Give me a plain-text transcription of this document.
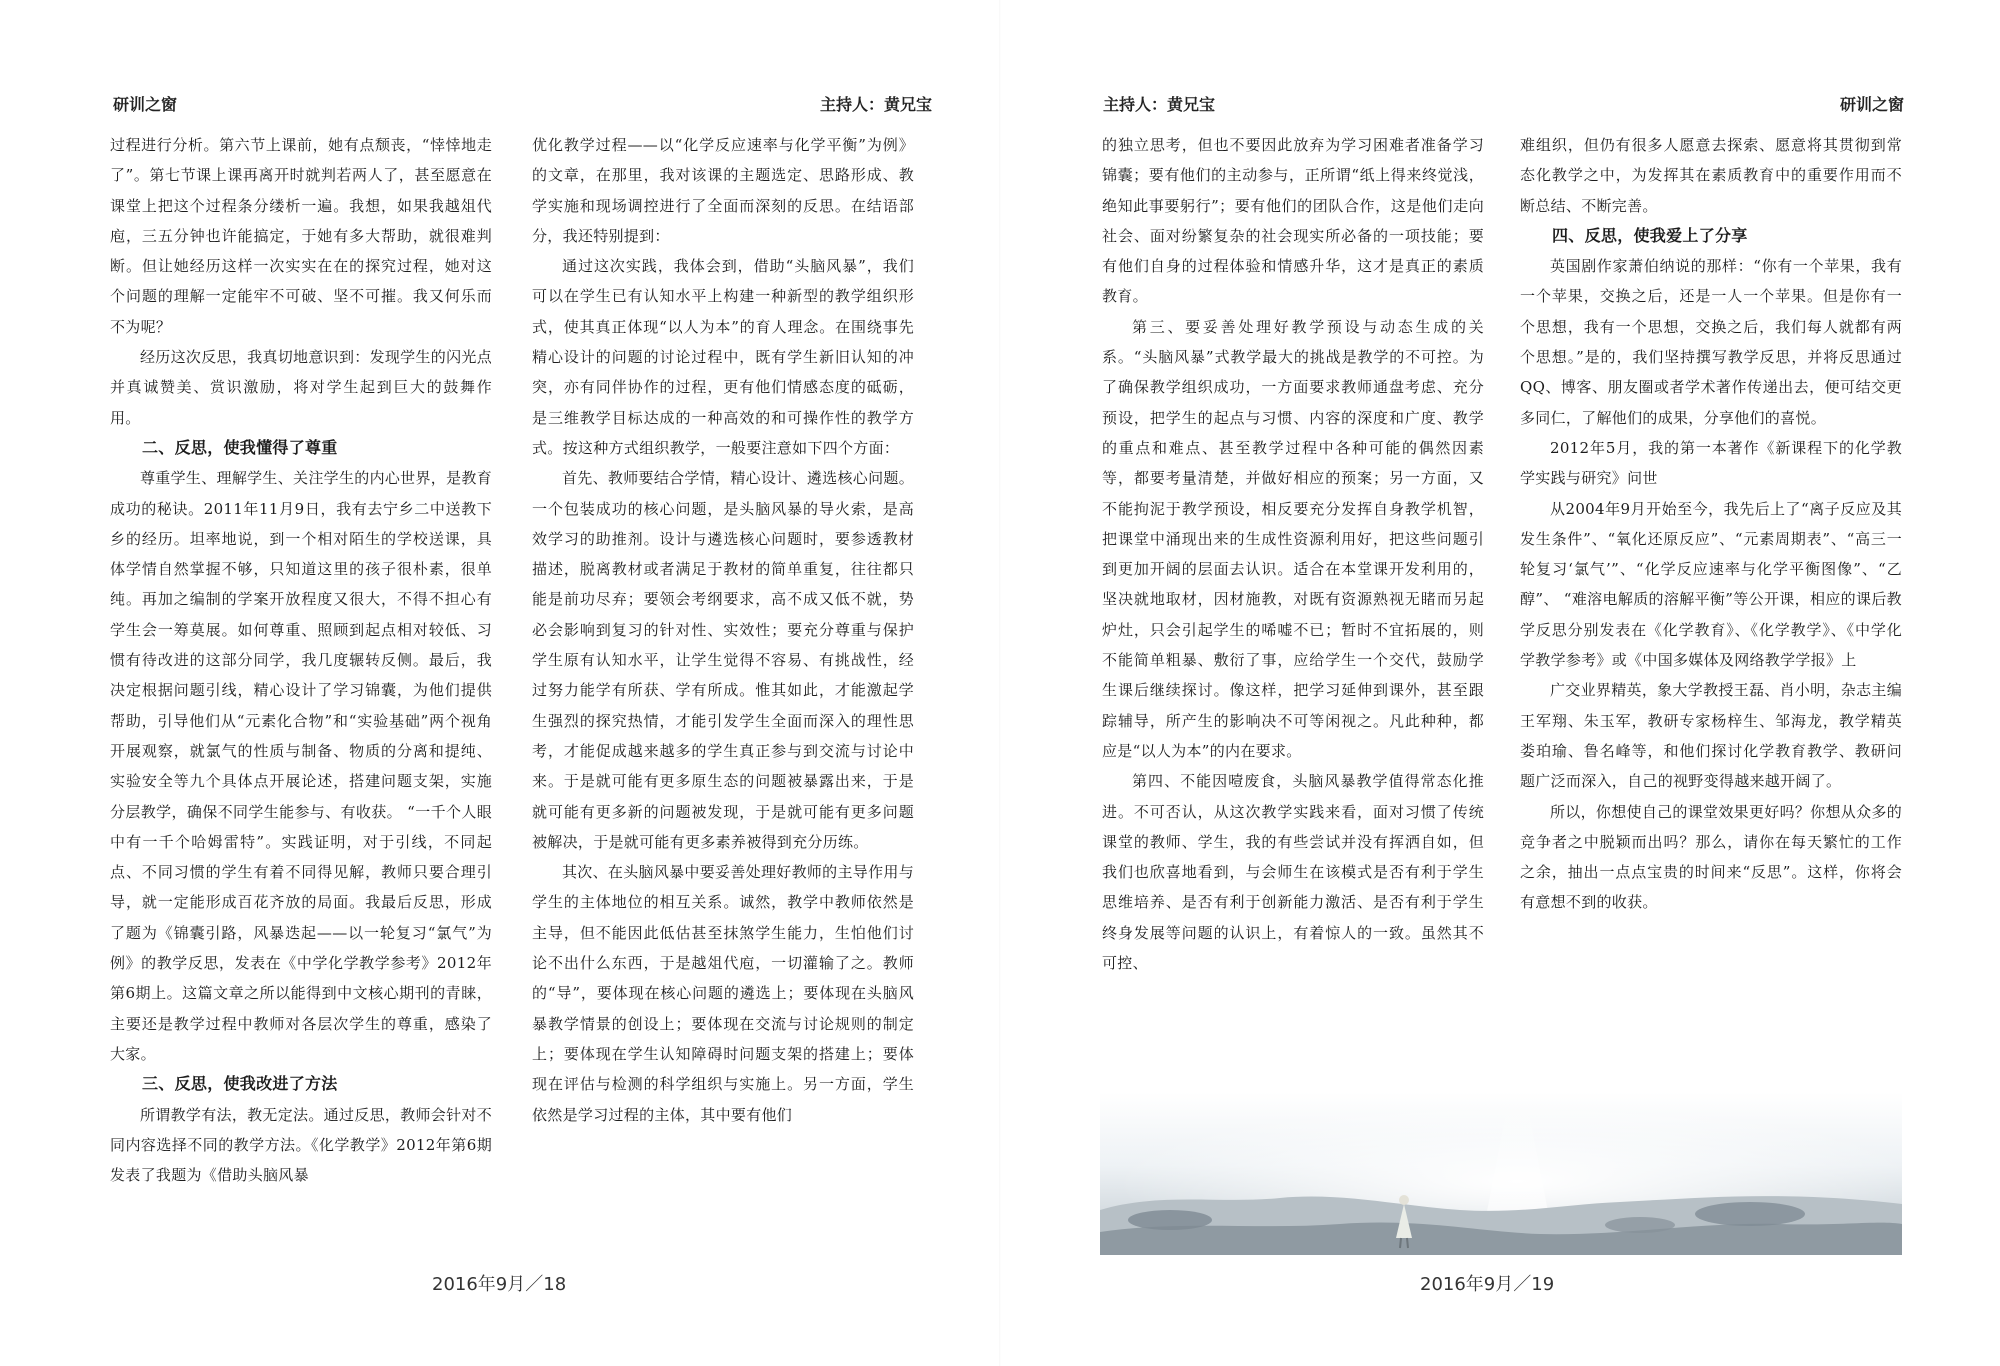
研训之窗	主持人：黄兄宝

过程进行分析。第六节上课前，她有点颓丧，“悻悻地走了”。第七节课上课再离开时就判若两人了，甚至愿意在课堂上把这个过程条分缕析一遍。我想，如果我越俎代庖，三五分钟也许能搞定，于她有多大帮助，就很难判断。但让她经历这样一次实实在在的探究过程，她对这个问题的理解一定能牢不可破、坚不可摧。我又何乐而不为呢？

经历这次反思，我真切地意识到：发现学生的闪光点并真诚赞美、赏识激励，将对学生起到巨大的鼓舞作用。

二、反思，使我懂得了尊重

尊重学生、理解学生、关注学生的内心世界，是教育成功的秘诀。2011年11月9日，我有去宁乡二中送教下乡的经历。坦率地说，到一个相对陌生的学校送课，具体学情自然掌握不够，只知道这里的孩子很朴素，很单纯。再加之编制的学案开放程度又很大，不得不担心有学生会一筹莫展。如何尊重、照顾到起点相对较低、习惯有待改进的这部分同学，我几度辗转反侧。最后，我决定根据问题引线，精心设计了学习锦囊，为他们提供帮助，引导他们从“元素化合物”和“实验基础”两个视角开展观察，就氯气的性质与制备、物质的分离和提纯、实验安全等九个具体点开展论述，搭建问题支架，实施分层教学，确保不同学生能参与、有收获。 “一千个人眼中有一千个哈姆雷特”。实践证明，对于引线，不同起点、不同习惯的学生有着不同得见解，教师只要合理引导，就一定能形成百花齐放的局面。我最后反思，形成了题为《锦囊引路，风暴迭起——以一轮复习“氯气”为例》的教学反思，发表在《中学化学教学参考》2012年第6期上。这篇文章之所以能得到中文核心期刊的青睐，主要还是教学过程中教师对各层次学生的尊重，感染了大家。

三、反思，使我改进了方法

所谓教学有法，教无定法。通过反思，教师会针对不同内容选择不同的教学方法。《化学教学》2012年第6期发表了我题为《借助头脑风暴

优化教学过程——以“化学反应速率与化学平衡”为例》的文章，在那里，我对该课的主题选定、思路形成、教学实施和现场调控进行了全面而深刻的反思。在结语部分，我还特别提到：

通过这次实践，我体会到，借助“头脑风暴”，我们可以在学生已有认知水平上构建一种新型的教学组织形式，使其真正体现“以人为本”的育人理念。在围绕事先精心设计的问题的讨论过程中，既有学生新旧认知的冲突，亦有同伴协作的过程，更有他们情感态度的砥砺，是三维教学目标达成的一种高效的和可操作性的教学方式。按这种方式组织教学，一般要注意如下四个方面：

首先、教师要结合学情，精心设计、遴选核心问题。一个包装成功的核心问题，是头脑风暴的导火索，是高效学习的助推剂。设计与遴选核心问题时，要参透教材描述，脱离教材或者满足于教材的简单重复，往往都只能是前功尽弃；要领会考纲要求，高不成又低不就，势必会影响到复习的针对性、实效性；要充分尊重与保护学生原有认知水平，让学生觉得不容易、有挑战性，经过努力能学有所获、学有所成。惟其如此，才能激起学生强烈的探究热情，才能引发学生全面而深入的理性思考，才能促成越来越多的学生真正参与到交流与讨论中来。于是就可能有更多原生态的问题被暴露出来，于是就可能有更多新的问题被发现，于是就可能有更多问题被解决，于是就可能有更多素养被得到充分历练。

其次、在头脑风暴中要妥善处理好教师的主导作用与学生的主体地位的相互关系。诚然，教学中教师依然是主导，但不能因此低估甚至抹煞学生能力，生怕他们讨论不出什么东西，于是越俎代庖，一切灌输了之。教师的“导”，要体现在核心问题的遴选上；要体现在头脑风暴教学情景的创设上；要体现在交流与讨论规则的制定上；要体现在学生认知障碍时问题支架的搭建上；要体现在评估与检测的科学组织与实施上。另一方面，学生依然是学习过程的主体，其中要有他们

2016年9月／18
主持人：黄兄宝	研训之窗

的独立思考，但也不要因此放弃为学习困难者准备学习锦囊；要有他们的主动参与，正所谓“纸上得来终觉浅，绝知此事要躬行”；要有他们的团队合作，这是他们走向社会、面对纷繁复杂的社会现实所必备的一项技能；要有他们自身的过程体验和情感升华，这才是真正的素质教育。

第三、要妥善处理好教学预设与动态生成的关系。“头脑风暴”式教学最大的挑战是教学的不可控。为了确保教学组织成功，一方面要求教师通盘考虑、充分预设，把学生的起点与习惯、内容的深度和广度、教学的重点和难点、甚至教学过程中各种可能的偶然因素等，都要考量清楚，并做好相应的预案；另一方面，又不能拘泥于教学预设，相反要充分发挥自身教学机智，把课堂中涌现出来的生成性资源利用好，把这些问题引到更加开阔的层面去认识。适合在本堂课开发利用的，坚决就地取材，因材施教，对既有资源熟视无睹而另起炉灶，只会引起学生的唏嘘不已；暂时不宜拓展的，则不能简单粗暴、敷衍了事，应给学生一个交代，鼓励学生课后继续探讨。像这样，把学习延伸到课外，甚至跟踪辅导，所产生的影响决不可等闲视之。凡此种种，都应是“以人为本”的内在要求。

第四、不能因噎废食，头脑风暴教学值得常态化推进。不可否认，从这次教学实践来看，面对习惯了传统课堂的教师、学生，我的有些尝试并没有挥洒自如，但我们也欣喜地看到，与会师生在该模式是否有利于学生思维培养、是否有利于创新能力激活、是否有利于学生终身发展等问题的认识上，有着惊人的一致。虽然其不可控、

难组织，但仍有很多人愿意去探索、愿意将其贯彻到常态化教学之中，为发挥其在素质教育中的重要作用而不断总结、不断完善。

四、反思，使我爱上了分享

英国剧作家萧伯纳说的那样：“你有一个苹果，我有一个苹果，交换之后，还是一人一个苹果。但是你有一个思想，我有一个思想，交换之后，我们每人就都有两个思想。”是的，我们坚持撰写教学反思，并将反思通过QQ、博客、朋友圈或者学术著作传递出去，便可结交更多同仁，了解他们的成果，分享他们的喜悦。

2012年5月，我的第一本著作《新课程下的化学教学实践与研究》问世

从2004年9月开始至今，我先后上了“离子反应及其发生条件”、“氧化还原反应”、“元素周期表”、“高三一轮复习‘氯气’”、“化学反应速率与化学平衡图像”、“乙醇”、 “难溶电解质的溶解平衡”等公开课，相应的课后教学反思分别发表在《化学教育》、《化学教学》、《中学化学教学参考》或《中国多媒体及网络教学学报》上

广交业界精英，象大学教授王磊、肖小明，杂志主编王军翔、朱玉军，教研专家杨梓生、邹海龙，教学精英娄珀瑜、鲁名峰等，和他们探讨化学教育教学、教研问题广泛而深入，自己的视野变得越来越开阔了。

所以，你想使自己的课堂效果更好吗？你想从众多的竞争者之中脱颖而出吗？那么，请你在每天繁忙的工作之余，抽出一点点宝贵的时间来“反思”。这样，你将会有意想不到的收获。

2016年9月／19
